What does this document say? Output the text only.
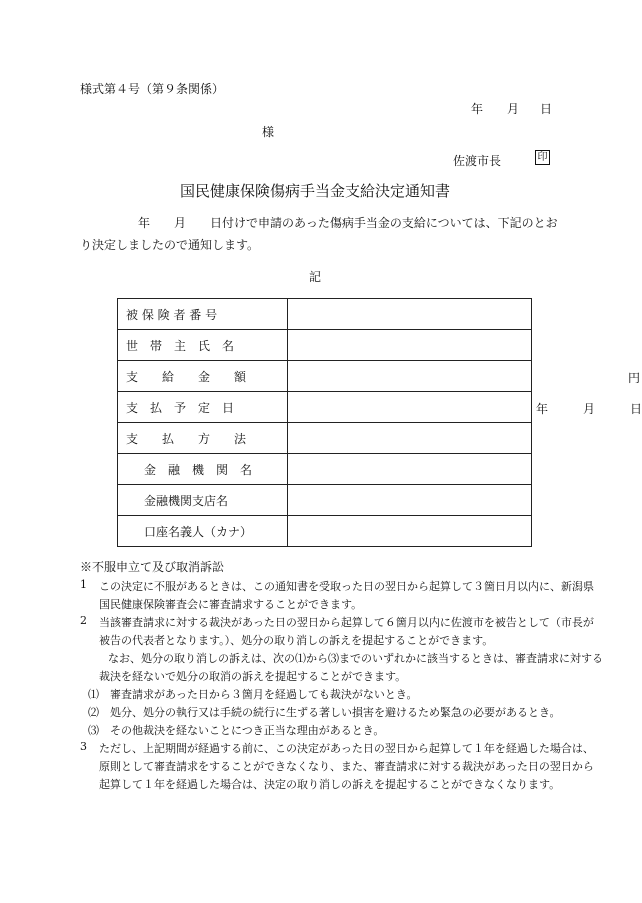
様式第４号（第９条関係）
年 月 日
様
佐渡市長	印
国民健康保険傷病手当金支給決定通知書
年　　月　　日付けで申請のあった傷病手当金の支給については、下記のとお
り決定しましたので通知します。
記
被 保 険 者 番 号	
世　帯　主　氏　名	
支　　給　　金　　額	円

支　払　予　定　日	年 月 日

支　　払　　方　　法	
金　融　機　関　名	
金融機関支店名	
口座名義人（カナ）	
※不服申立て及び取消訴訟
1 この決定に不服があるときは、この通知書を受取った日の翌日から起算して３箇日月以内に、新潟県
国民健康保険審査会に審査請求することができます。
2 当該審査請求に対する裁決があった日の翌日から起算して６箇月以内に佐渡市を被告として（市長が
被告の代表者となります。）、処分の取り消しの訴えを提起することができます。
なお、処分の取り消しの訴えは、次の⑴から⑶までのいずれかに該当するときは、審査請求に対する
裁決を経ないで処分の取消の訴えを提起することができます。
⑴　審査請求があった日から３箇月を経過しても裁決がないとき。
⑵　処分、処分の執行又は手続の続行に生ずる著しい損害を避けるため緊急の必要があるとき。
⑶　その他裁決を経ないことにつき正当な理由があるとき。
3 ただし、上記期間が経過する前に、この決定があった日の翌日から起算して１年を経過した場合は、
原則として審査請求をすることができなくなり、また、審査請求に対する裁決があった日の翌日から
起算して１年を経過した場合は、決定の取り消しの訴えを提起することができなくなります。
